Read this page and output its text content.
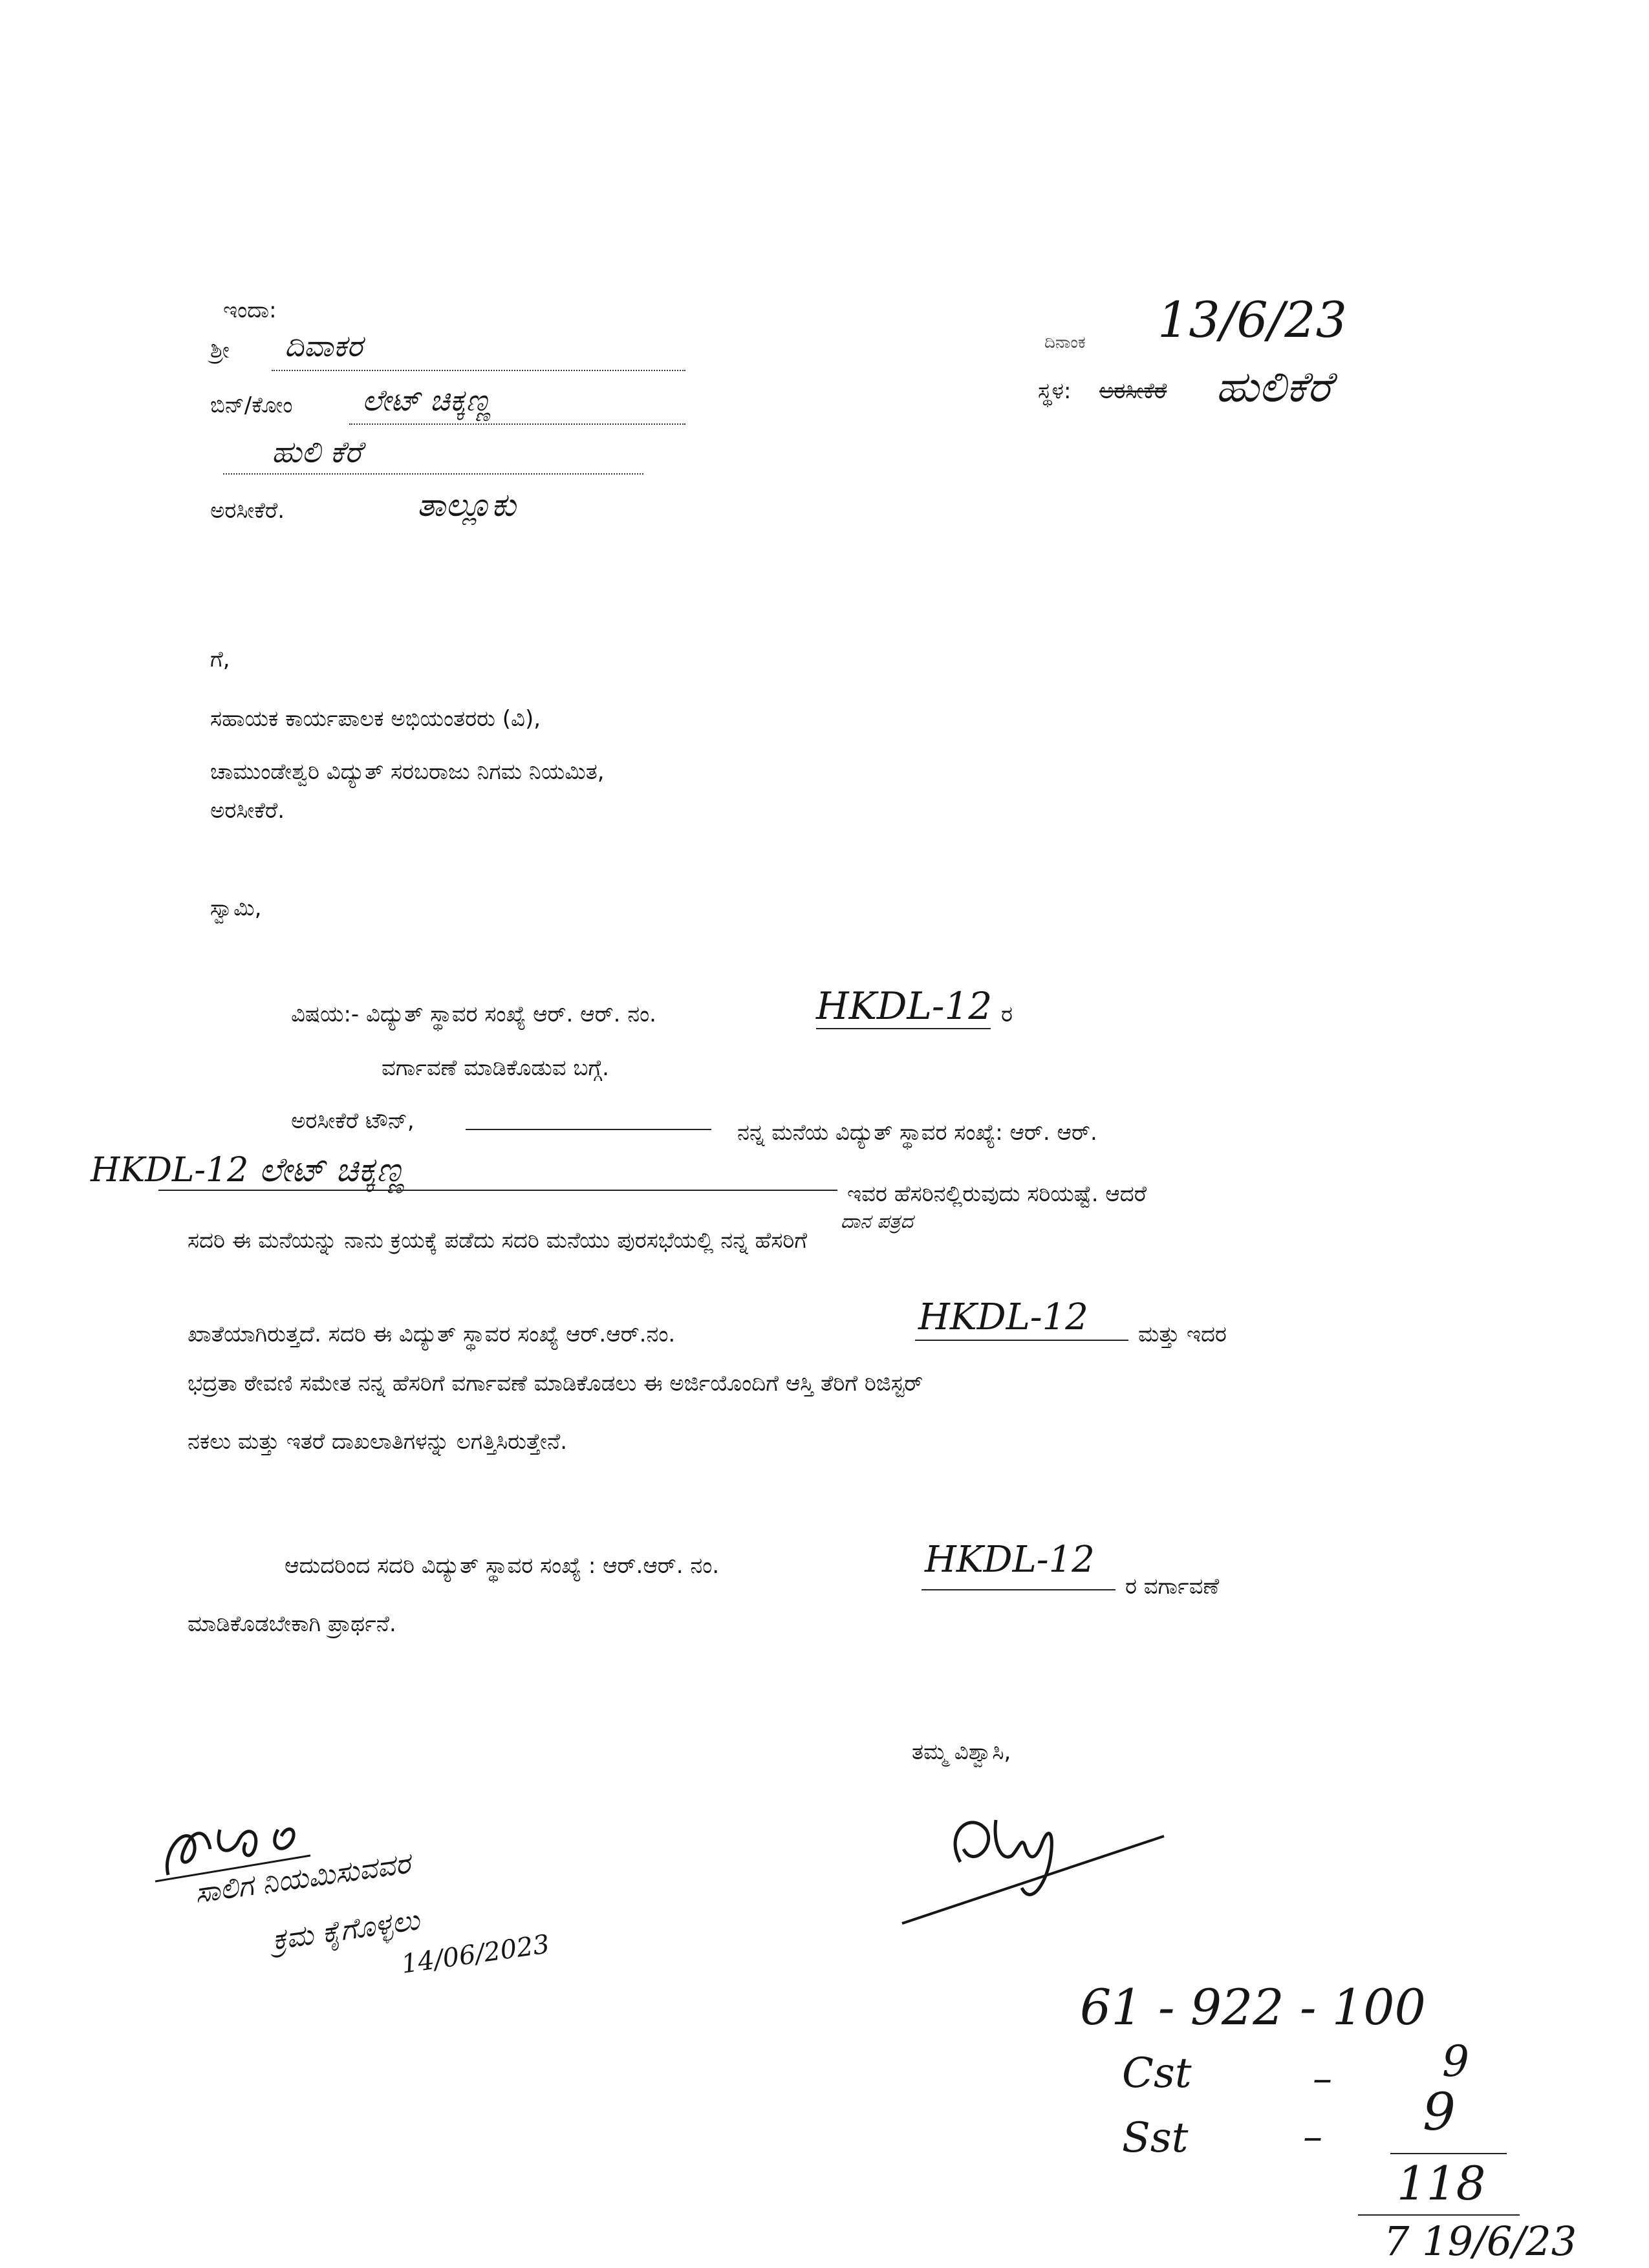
ಇಂದಾ:
ಶ್ರೀ ದಿವಾಕರ
ಬಿನ್/ಕೋಂ ಲೇಟ್ ಚಿಕ್ಕಣ್ಣ
ಹುಲಿ ಕೆರೆ
ಅರಸೀಕೆರೆ.	ತಾಲ್ಲೂಕು
ದಿನಾಂಕ 13/6/23
ಸ್ಥಳ: ಅರಸೀಕೆರೆ ಹುಲಿಕೆರೆ
ಗೆ,
ಸಹಾಯಕ ಕಾರ್ಯಪಾಲಕ ಅಭಿಯಂತರರು (ವಿ),
ಚಾಮುಂಡೇಶ್ವರಿ ವಿದ್ಯುತ್ ಸರಬರಾಜು ನಿಗಮ ನಿಯಮಿತ,
ಅರಸೀಕೆರೆ.
ಸ್ವಾಮಿ,
ವಿಷಯ:- ವಿದ್ಯುತ್ ಸ್ಥಾವರ ಸಂಖ್ಯೆ ಆರ್. ಆರ್. ನಂ.	HKDL-12 ರ
ವರ್ಗಾವಣೆ ಮಾಡಿಕೊಡುವ ಬಗ್ಗೆ.
ಅರಸೀಕೆರೆ ಟೌನ್,	ನನ್ನ ಮನೆಯ ವಿದ್ಯುತ್ ಸ್ಥಾವರ ಸಂಖ್ಯೆ: ಆರ್. ಆರ್.
HKDL-12 ಲೇಟ್ ಚಿಕ್ಕಣ್ಣ
ಇವರ ಹೆಸರಿನಲ್ಲಿರುವುದು ಸರಿಯಷ್ಟೆ. ಆದರೆ
ದಾನ ಪತ್ರದ
ಸದರಿ ಈ ಮನೆಯನ್ನು ನಾನು ಕ್ರಯಕ್ಕೆ ಪಡೆದು ಸದರಿ ಮನೆಯು ಪುರಸಭೆಯಲ್ಲಿ ನನ್ನ ಹೆಸರಿಗೆ
ಖಾತೆಯಾಗಿರುತ್ತದೆ. ಸದರಿ ಈ ವಿದ್ಯುತ್ ಸ್ಥಾವರ ಸಂಖ್ಯೆ ಆರ್.ಆರ್.ನಂ.	HKDL-12 ಮತ್ತು ಇದರ
ಭದ್ರತಾ ಠೇವಣಿ ಸಮೇತ ನನ್ನ ಹೆಸರಿಗೆ ವರ್ಗಾವಣೆ ಮಾಡಿಕೊಡಲು ಈ ಅರ್ಜಿಯೊಂದಿಗೆ ಆಸ್ತಿ ತೆರಿಗೆ ರಿಜಿಸ್ಟರ್
ನಕಲು ಮತ್ತು ಇತರೆ ದಾಖಲಾತಿಗಳನ್ನು ಲಗತ್ತಿಸಿರುತ್ತೇನೆ.
ಆದುದರಿಂದ ಸದರಿ ವಿದ್ಯುತ್ ಸ್ಥಾವರ ಸಂಖ್ಯೆ : ಆರ್.ಆರ್. ನಂ.	HKDL-12
ರ ವರ್ಗಾವಣೆ
ಮಾಡಿಕೊಡಬೇಕಾಗಿ ಪ್ರಾರ್ಥನೆ.
ತಮ್ಮ ವಿಶ್ವಾಸಿ,
ಸಾಲಿಗ ನಿಯಮಿಸುವವರ
ಕ್ರಮ ಕೈಗೊಳ್ಳಲು
14/06/2023
61 - 922 - 100
Cst	–	9
Sst	– 9
118
7 19/6/23
